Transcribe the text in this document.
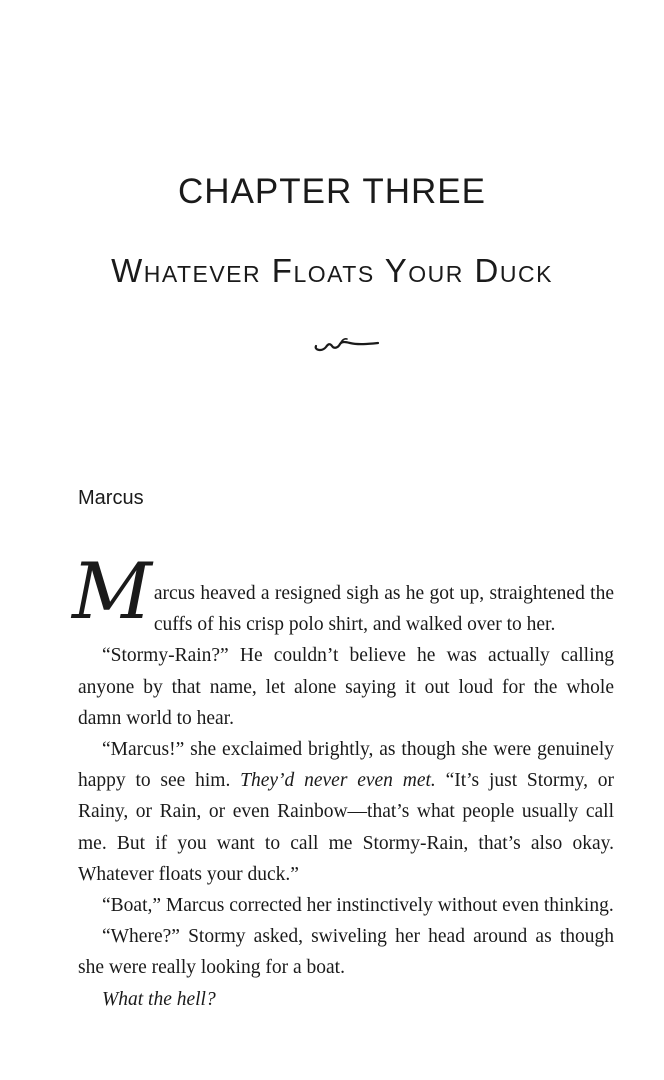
CHAPTER THREE
Whatever Floats Your Duck
Marcus

Marcus heaved a resigned sigh as he got up, straightened the cuffs of his crisp polo shirt, and walked over to her.

“Stormy-Rain?” He couldn’t believe he was actually calling anyone by that name, let alone saying it out loud for the whole damn world to hear.

“Marcus!” she exclaimed brightly, as though she were genuinely happy to see him. They’d never even met. “It’s just Stormy, or Rainy, or Rain, or even Rainbow—that’s what people usually call me. But if you want to call me Stormy-Rain, that’s also okay. Whatever floats your duck.”

“Boat,” Marcus corrected her instinctively without even thinking.

“Where?” Stormy asked, swiveling her head around as though she were really looking for a boat.

What the hell?
